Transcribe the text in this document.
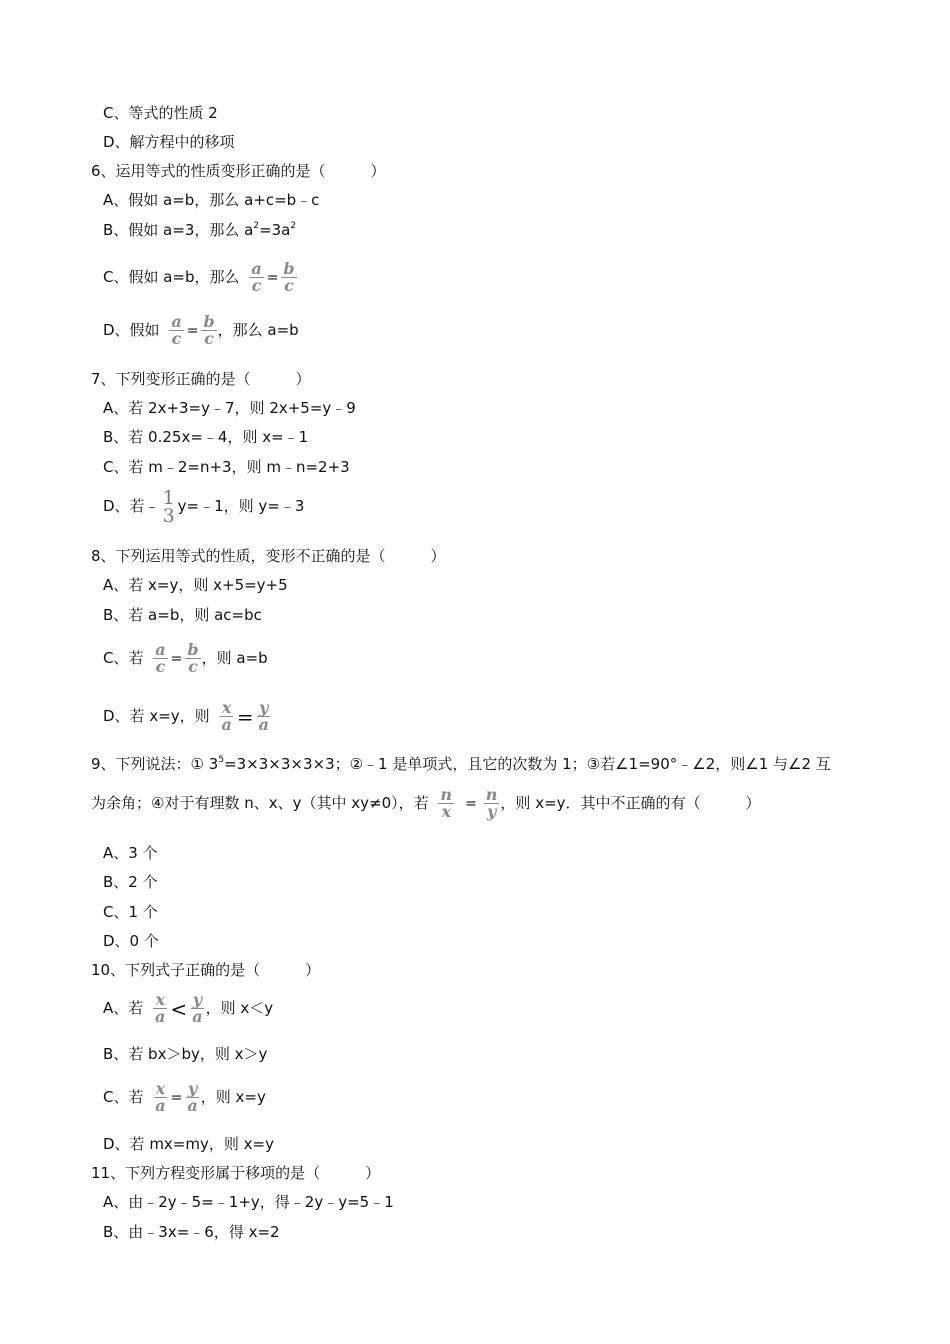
C、等式的性质 2
D、解方程中的移项
6、运用等式的性质变形正确的是（　　　）
A、假如 a=b，那么 a+c=b﹣c
B、假如 a=3，那么 $a^2=3a^2$
C、假如 a=b，那么 $\frac{a}{c} = \frac{b}{c}$
D、假如 $\frac{a}{c} = \frac{b}{c}$ ，那么 a=b
7、下列变形正确的是（　　　）
A、若 2x+3=y﹣7，则 2x+5=y﹣9
B、若 0.25x=﹣4，则 x=﹣1
C、若 m﹣2=n+3，则 m﹣n=2+3
D、若﹣ 1
3 y=﹣1，则 y=﹣3
8、下列运用等式的性质，变形不正确的是（　　　）
A、若 x=y，则 x+5=y+5
B、若 a=b，则 ac=bc
C、若 $\frac{a}{c} = \frac{b}{c}$ ，则 a=b
D、若 x=y，则 $\frac{x}{a} = \frac{y}{a}$
9、下列说法：① $3^5=3\times 3\times 3\times 3\times 3$；②﹣1 是单项式，且它的次数为 1；③若∠1=90°﹣∠2，则∠1 与∠2 互
为余角；④对于有理数 n、x、y（其中 xy≠0），若 $\frac{n}{x} = \frac{n}{y}$ ，则 x=y．其中不正确的有（　　　）
A、3 个
B、2 个
C、1 个
D、0 个
10、下列式子正确的是（　　　）
A、若 $\frac{x}{a} < \frac{y}{a}$ ，则 x＜y
B、若 bx＞by，则 x＞y
C、若 $\frac{x}{a} = \frac{y}{a}$ ，则 x=y
D、若 mx=my，则 x=y
11、下列方程变形属于移项的是（　　　）
A、由﹣2y﹣5=﹣1+y，得﹣2y﹣y=5﹣1
B、由﹣3x=﹣6，得 x=2
